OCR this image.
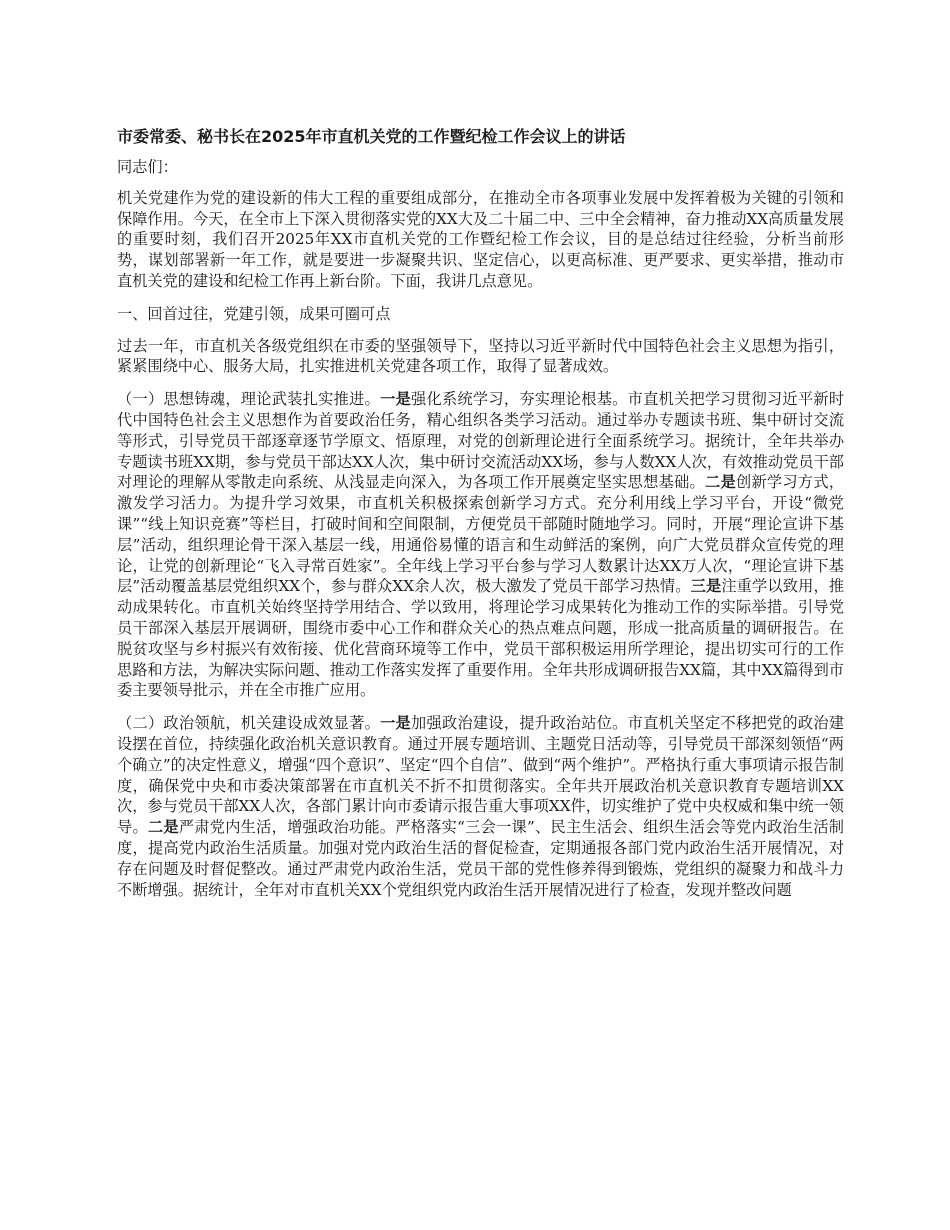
市委常委、秘书长在2025年市直机关党的工作暨纪检工作会议上的讲话

同志们：

机关党建作为党的建设新的伟大工程的重要组成部分，在推动全市各项事业发展中发挥着极为关键的引领和保障作用。今天，在全市上下深入贯彻落实党的XX大及二十届二中、三中全会精神，奋力推动XX高质量发展的重要时刻，我们召开2025年XX市直机关党的工作暨纪检工作会议，目的是总结过往经验，分析当前形势，谋划部署新一年工作，就是要进一步凝聚共识、坚定信心，以更高标准、更严要求、更实举措，推动市直机关党的建设和纪检工作再上新台阶。下面，我讲几点意见。

一、回首过往，党建引领，成果可圈可点

过去一年，市直机关各级党组织在市委的坚强领导下，坚持以习近平新时代中国特色社会主义思想为指引，紧紧围绕中心、服务大局，扎实推进机关党建各项工作，取得了显著成效。

（一）思想铸魂，理论武装扎实推进。一是强化系统学习，夯实理论根基。市直机关把学习贯彻习近平新时代中国特色社会主义思想作为首要政治任务，精心组织各类学习活动。通过举办专题读书班、集中研讨交流等形式，引导党员干部逐章逐节学原文、悟原理，对党的创新理论进行全面系统学习。据统计，全年共举办专题读书班XX期，参与党员干部达XX人次，集中研讨交流活动XX场，参与人数XX人次，有效推动党员干部对理论的理解从零散走向系统、从浅显走向深入，为各项工作开展奠定坚实思想基础。二是创新学习方式，激发学习活力。为提升学习效果，市直机关积极探索创新学习方式。充分利用线上学习平台，开设“微党课”“线上知识竞赛”等栏目，打破时间和空间限制，方便党员干部随时随地学习。同时，开展“理论宣讲下基层”活动，组织理论骨干深入基层一线，用通俗易懂的语言和生动鲜活的案例，向广大党员群众宣传党的理论，让党的创新理论“飞入寻常百姓家”。全年线上学习平台参与学习人数累计达XX万人次，“理论宣讲下基层”活动覆盖基层党组织XX个，参与群众XX余人次，极大激发了党员干部学习热情。三是注重学以致用，推动成果转化。市直机关始终坚持学用结合、学以致用，将理论学习成果转化为推动工作的实际举措。引导党员干部深入基层开展调研，围绕市委中心工作和群众关心的热点难点问题，形成一批高质量的调研报告。在脱贫攻坚与乡村振兴有效衔接、优化营商环境等工作中，党员干部积极运用所学理论，提出切实可行的工作思路和方法，为解决实际问题、推动工作落实发挥了重要作用。全年共形成调研报告XX篇，其中XX篇得到市委主要领导批示，并在全市推广应用。

（二）政治领航，机关建设成效显著。一是加强政治建设，提升政治站位。市直机关坚定不移把党的政治建设摆在首位，持续强化政治机关意识教育。通过开展专题培训、主题党日活动等，引导党员干部深刻领悟“两个确立”的决定性意义，增强“四个意识”、坚定“四个自信”、做到“两个维护”。严格执行重大事项请示报告制度，确保党中央和市委决策部署在市直机关不折不扣贯彻落实。全年共开展政治机关意识教育专题培训XX次，参与党员干部XX人次，各部门累计向市委请示报告重大事项XX件，切实维护了党中央权威和集中统一领导。二是严肃党内生活，增强政治功能。严格落实“三会一课”、民主生活会、组织生活会等党内政治生活制度，提高党内政治生活质量。加强对党内政治生活的督促检查，定期通报各部门党内政治生活开展情况，对存在问题及时督促整改。通过严肃党内政治生活，党员干部的党性修养得到锻炼，党组织的凝聚力和战斗力不断增强。据统计，全年对市直机关XX个党组织党内政治生活开展情况进行了检查，发现并整改问题
